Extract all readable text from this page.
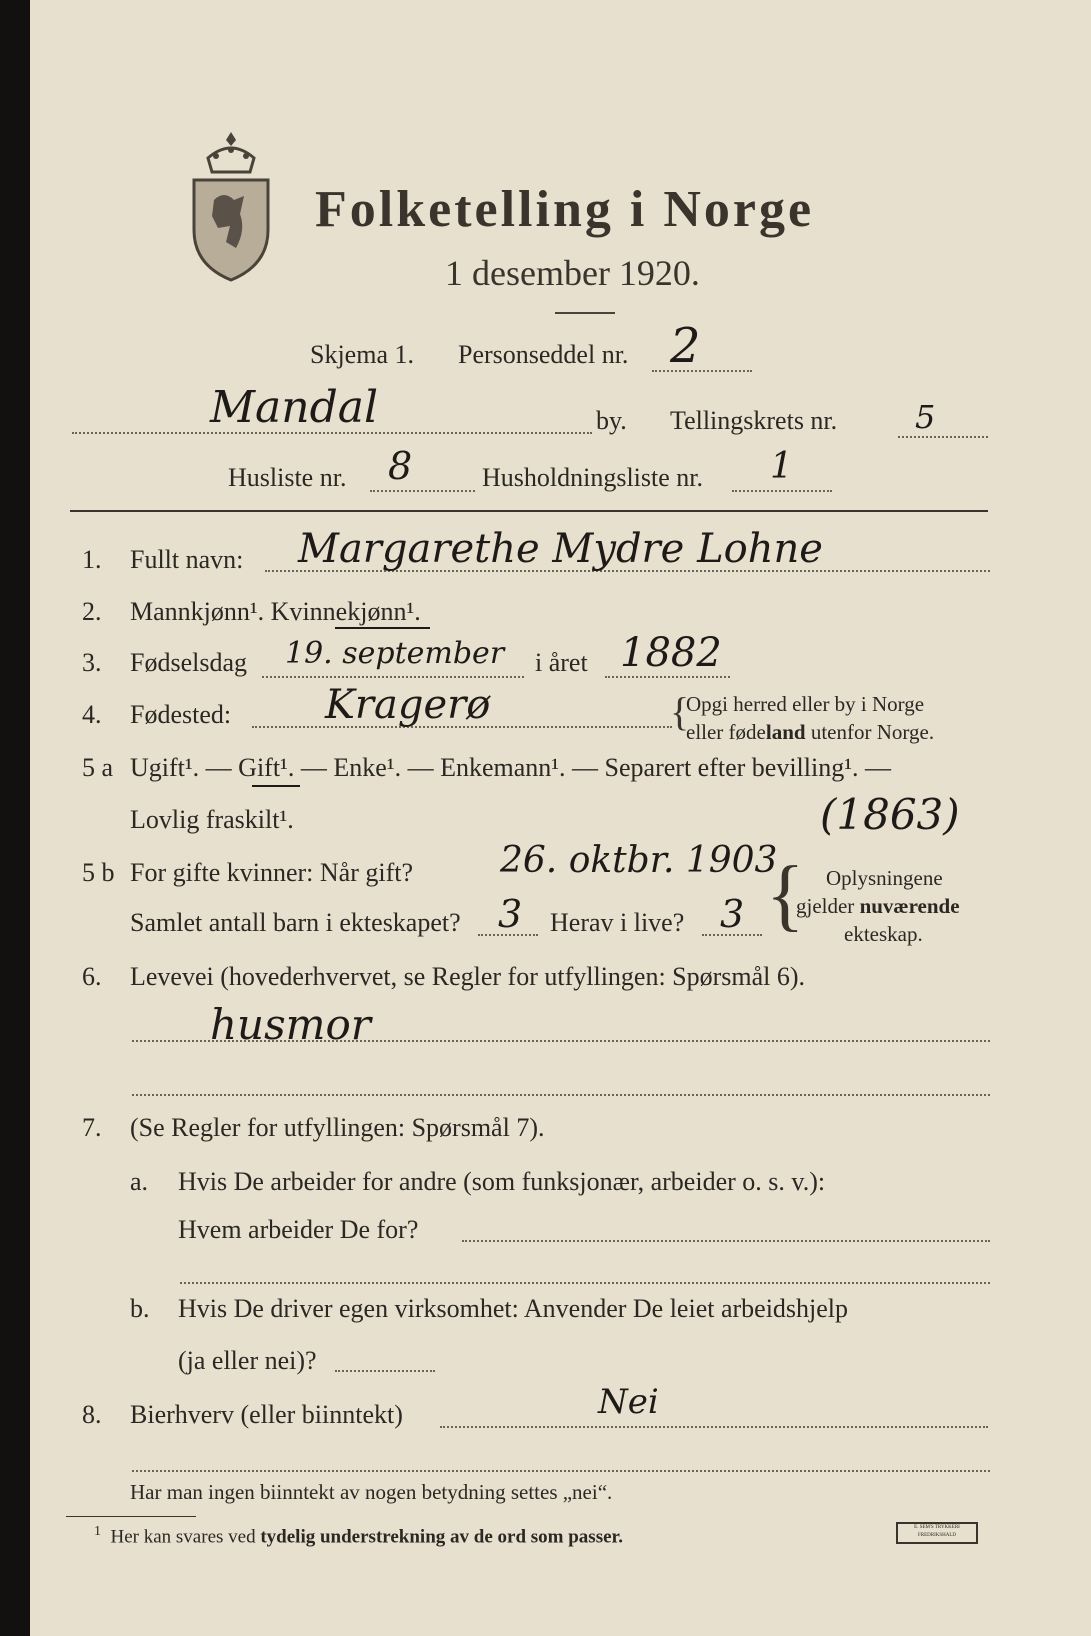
Folketelling i Norge
1 desember 1920.
Skjema 1. Personseddel nr. 2
Mandal	by. Tellingskrets nr. 5
Husliste nr. 8	Husholdningsliste nr. 1
1. Fullt navn: Margarethe Mydre Lohne
2. Mannkjønn¹. Kvinnekjønn¹.
3. Fødselsdag 19. september i året 1882
4. Fødested: Kragerø	{
Opgi herred eller by i Norge
eller fødeland utenfor Norge.
5 a Ugift¹. — Gift¹. — Enke¹. — Enkemann¹. — Separert efter bevilling¹. —
Lovlig fraskilt¹.	(1863)
5 b For gifte kvinner: Når gift? 26. oktbr. 1903
Samlet antall barn i ekteskapet? 3 Herav i live? 3 { Oplysningene
gjelder nuværende
ekteskap.
6. Levevei (hovederhvervet, se Regler for utfyllingen: Spørsmål 6).
husmor
7. (Se Regler for utfyllingen: Spørsmål 7).
a. Hvis De arbeider for andre (som funksjonær, arbeider o. s. v.):
Hvem arbeider De for?
b. Hvis De driver egen virksomhet: Anvender De leiet arbeidshjelp
(ja eller nei)?
8. Bierhverv (eller biinntekt)	Nei
Har man ingen biinntekt av nogen betydning settes „nei“.
$^1$ Her kan svares ved tydelig understrekning av de ord som passer.	E. SEM'S TRYKKERI FREDRIKSHALD
